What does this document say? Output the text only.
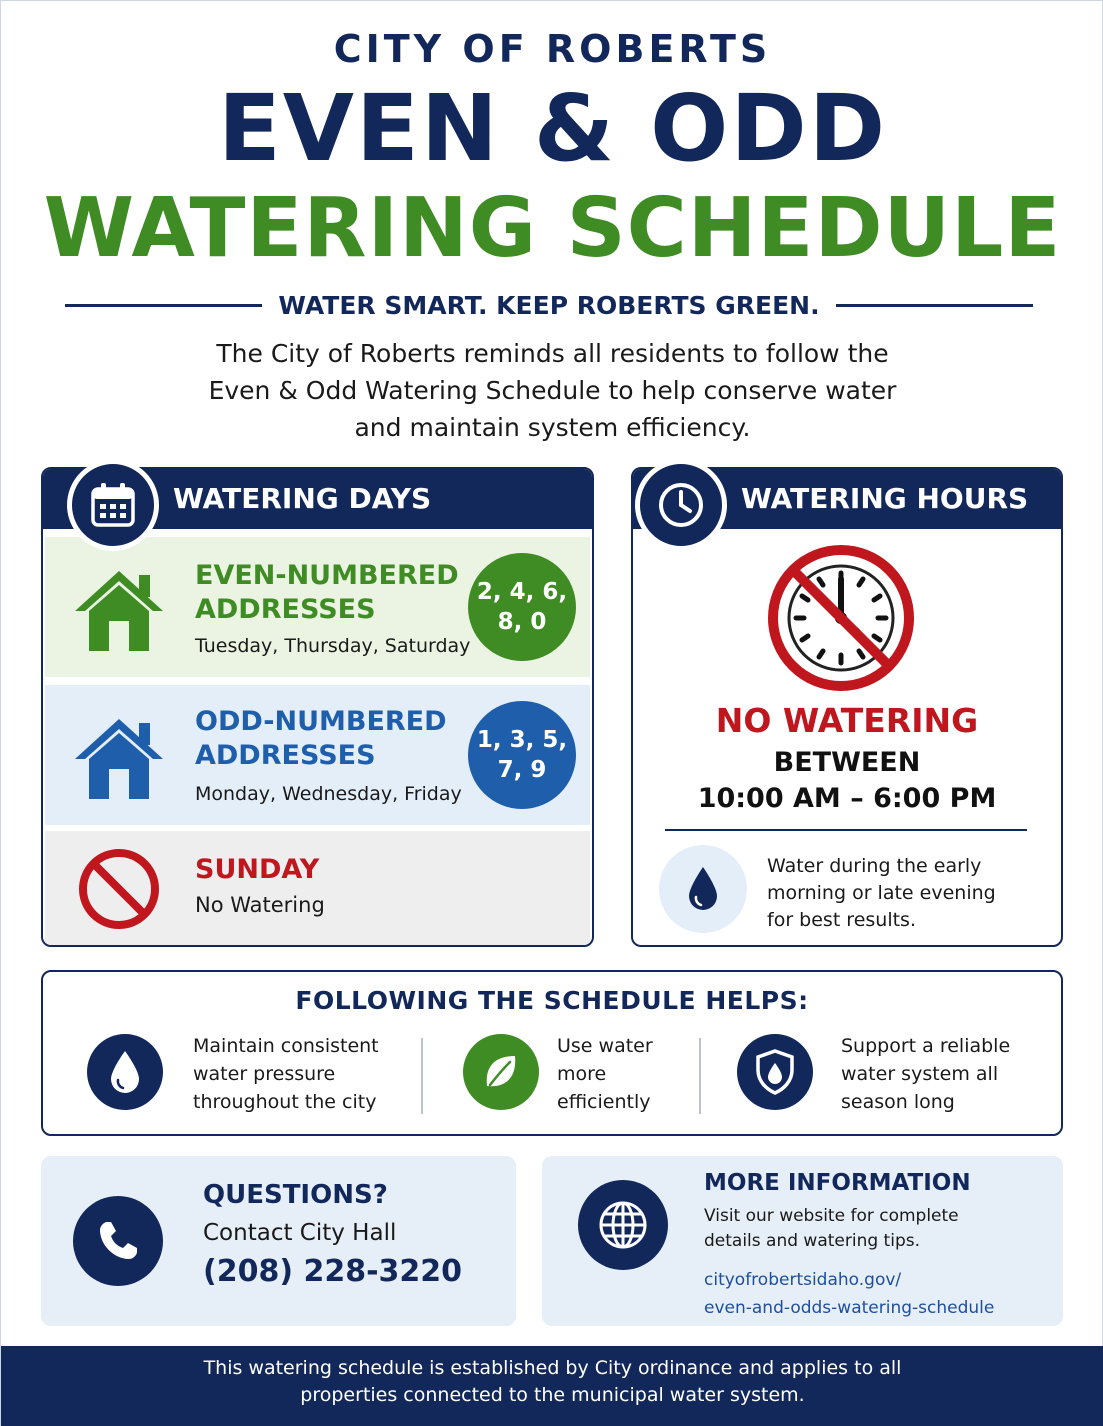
CITY OF ROBERTS
EVEN & ODD
WATERING SCHEDULE
WATER SMART. KEEP ROBERTS GREEN.
The City of Roberts reminds all residents to follow the
Even & Odd Watering Schedule to help conserve water
and maintain system efficiency.
WATERING DAYS
EVEN-NUMBERED
ADDRESSES
Tuesday, Thursday, Saturday
2, 4, 6,
8, 0
ODD-NUMBERED
ADDRESSES
Monday, Wednesday, Friday
1, 3, 5,
7, 9
SUNDAY
No Watering
WATERING HOURS
NO WATERING
BETWEEN
10:00 AM – 6:00 PM
Water during the early
morning or late evening
for best results.
FOLLOWING THE SCHEDULE HELPS:
Maintain consistent
water pressure
throughout the city
Use water
more
efficiently
Support a reliable
water system all
season long
QUESTIONS?
Contact City Hall
(208) 228-3220
MORE INFORMATION
Visit our website for complete
details and watering tips.
cityofrobertsidaho.gov/
even-and-odds-watering-schedule
This watering schedule is established by City ordinance and applies to all
properties connected to the municipal water system.
